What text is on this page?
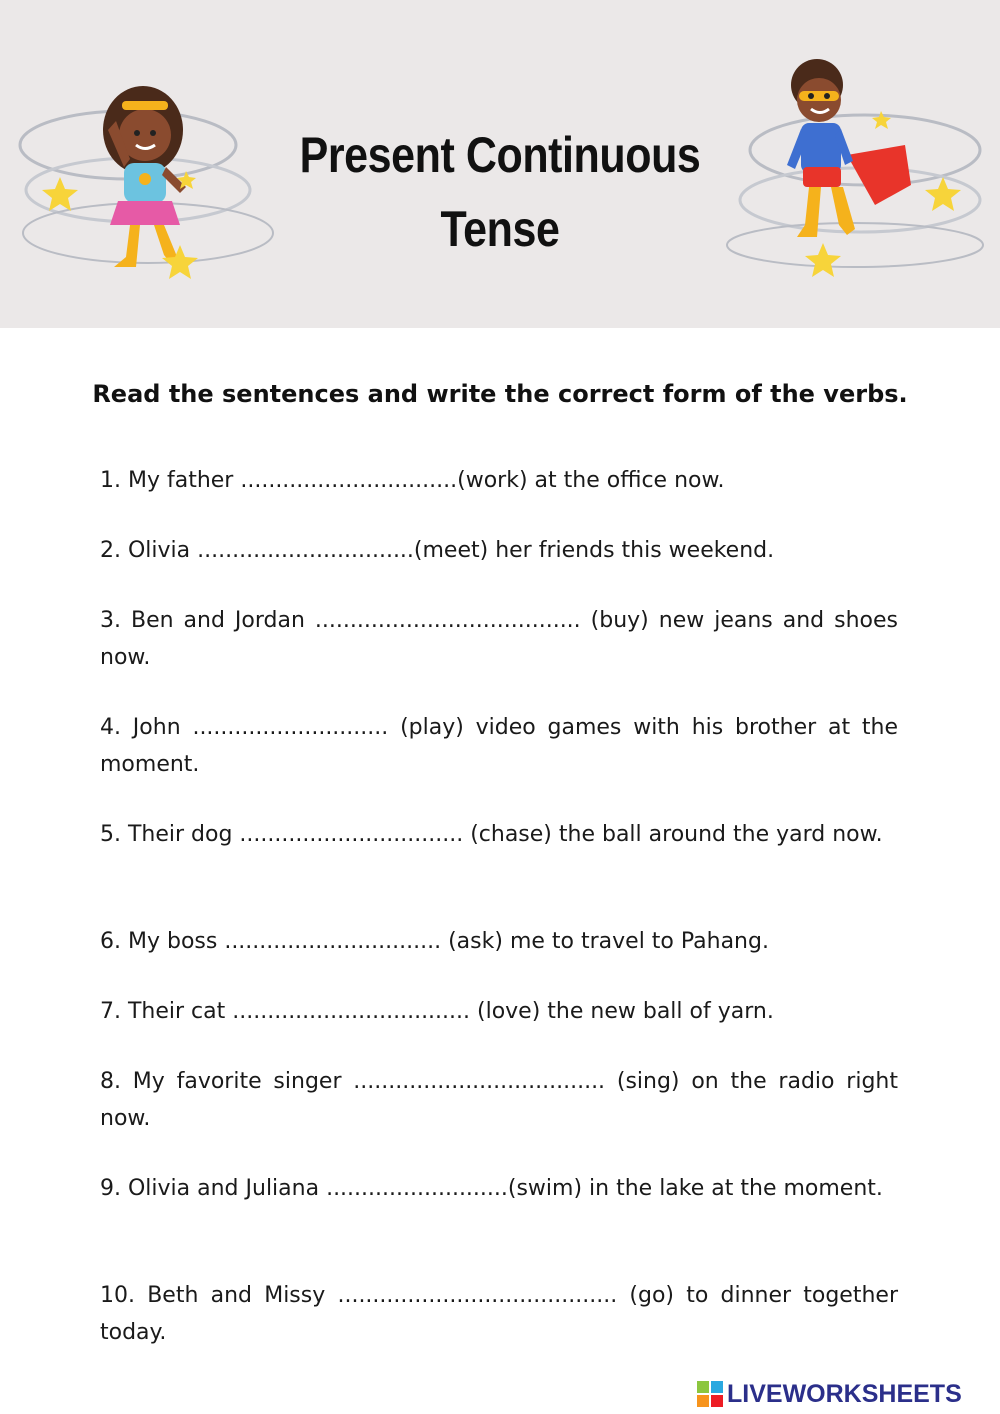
Present Continuous
Tense
Read the sentences and write the correct form of the verbs.

1. My father ...............................(work) at the office now.

2. Olivia ...............................(meet) her friends this weekend.

3. Ben and Jordan ...................................... (buy) new jeans and shoes now.

4. John ............................ (play) video games with his brother at the moment.

5. Their dog ................................ (chase) the ball around the yard now.

6. My boss ............................... (ask) me to travel to Pahang.

7. Their cat .................................. (love) the new ball of yarn.

8. My favorite singer .................................... (sing) on the radio right now.

9. Olivia and Juliana ..........................(swim) in the lake at the moment.

10. Beth and Missy ........................................ (go) to dinner together today.

LIVEWORKSHEETS
